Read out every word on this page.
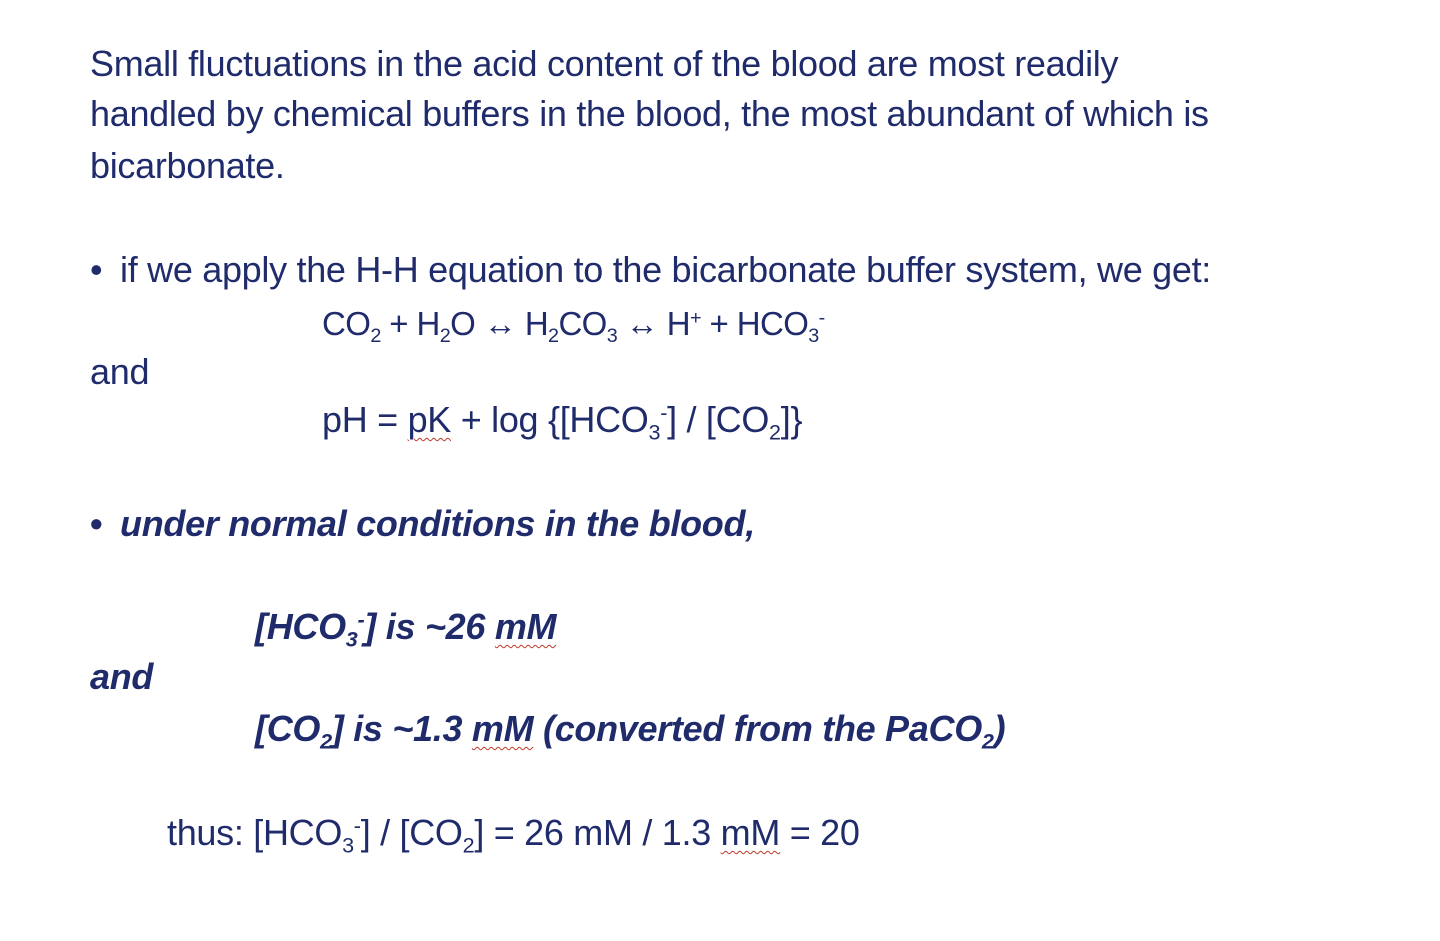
Small fluctuations in the acid content of the blood are most readily
handled by chemical buffers in the blood, the most abundant of which is
bicarbonate.
• if we apply the H-H equation to the bicarbonate buffer system, we get:
$CO_2 + H_2O$ ↔ $H_2CO_3$ ↔ $H^+ + HCO_3^-$
and
pH = pK + $\log \{[HCO_3^-] / [CO_2]\}$
• under normal conditions in the blood,
$[HCO_3^-]$ is ~26 mM
and
$[CO_2]$ is ~1.3 mM (converted from the PaCO$_2$)
thus: $[HCO_3^-] / [CO_2] = 26$ mM / 1.3 mM = 20
